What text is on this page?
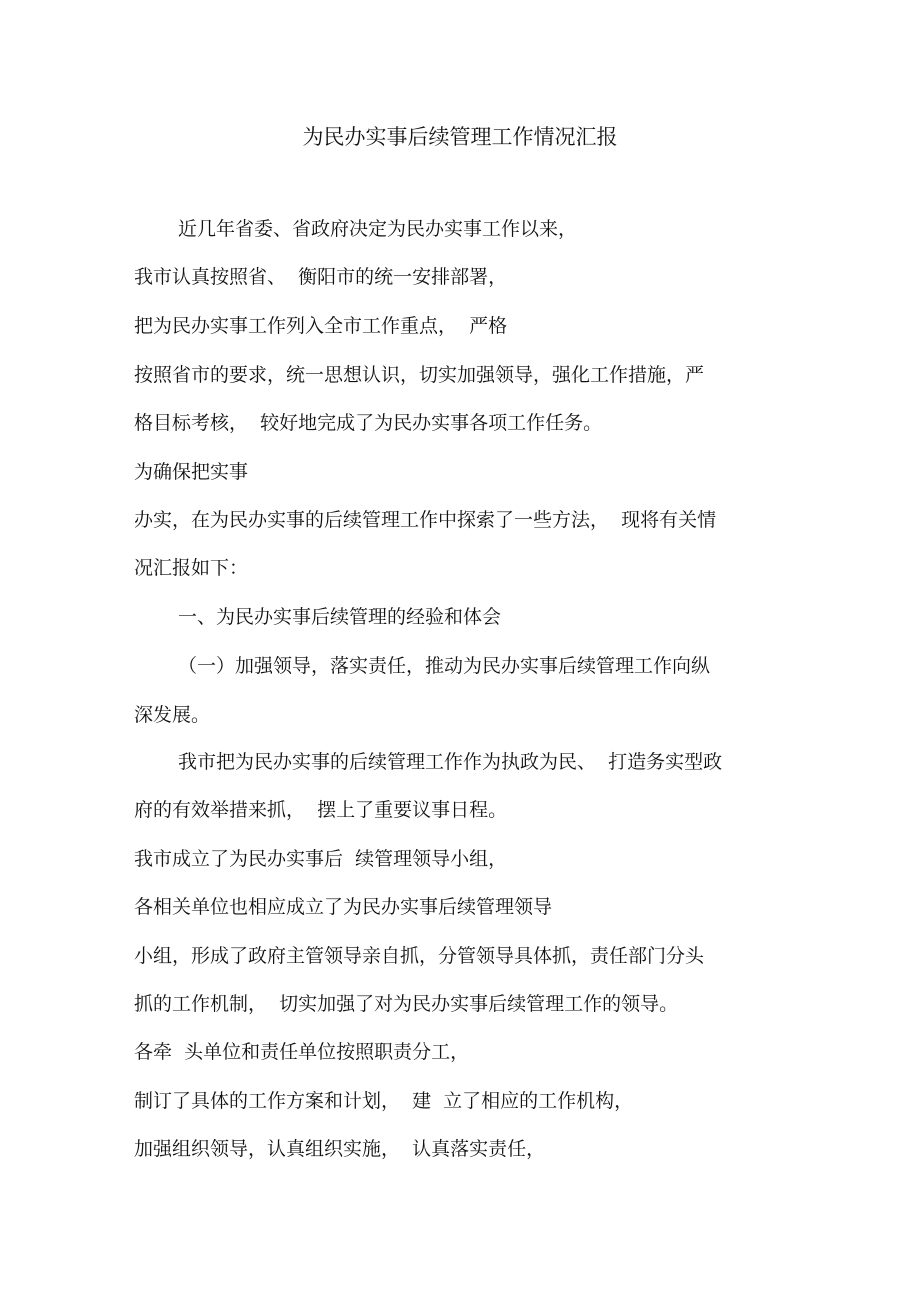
为民办实事后续管理工作情况汇报
近几年省委、省政府决定为民办实事工作以来，
我市认真按照省、  衡阳市的统一安排部署，
把为民办实事工作列入全市工作重点，  严格
按照省市的要求，统一思想认识，切实加强领导，强化工作措施，严
格目标考核，  较好地完成了为民办实事各项工作任务。
为确保把实事
办实，在为民办实事的后续管理工作中探索了一些方法，  现将有关情
况汇报如下：
一、为民办实事后续管理的经验和体会
（一）加强领导，落实责任，推动为民办实事后续管理工作向纵
深发展。
我市把为民办实事的后续管理工作作为执政为民、  打造务实型政
府的有效举措来抓，  摆上了重要议事日程。
我市成立了为民办实事后  续管理领导小组，
各相关单位也相应成立了为民办实事后续管理领导
小组，形成了政府主管领导亲自抓，分管领导具体抓，责任部门分头
抓的工作机制，  切实加强了对为民办实事后续管理工作的领导。
各牵  头单位和责任单位按照职责分工，
制订了具体的工作方案和计划，  建  立了相应的工作机构，
加强组织领导，认真组织实施，  认真落实责任，
